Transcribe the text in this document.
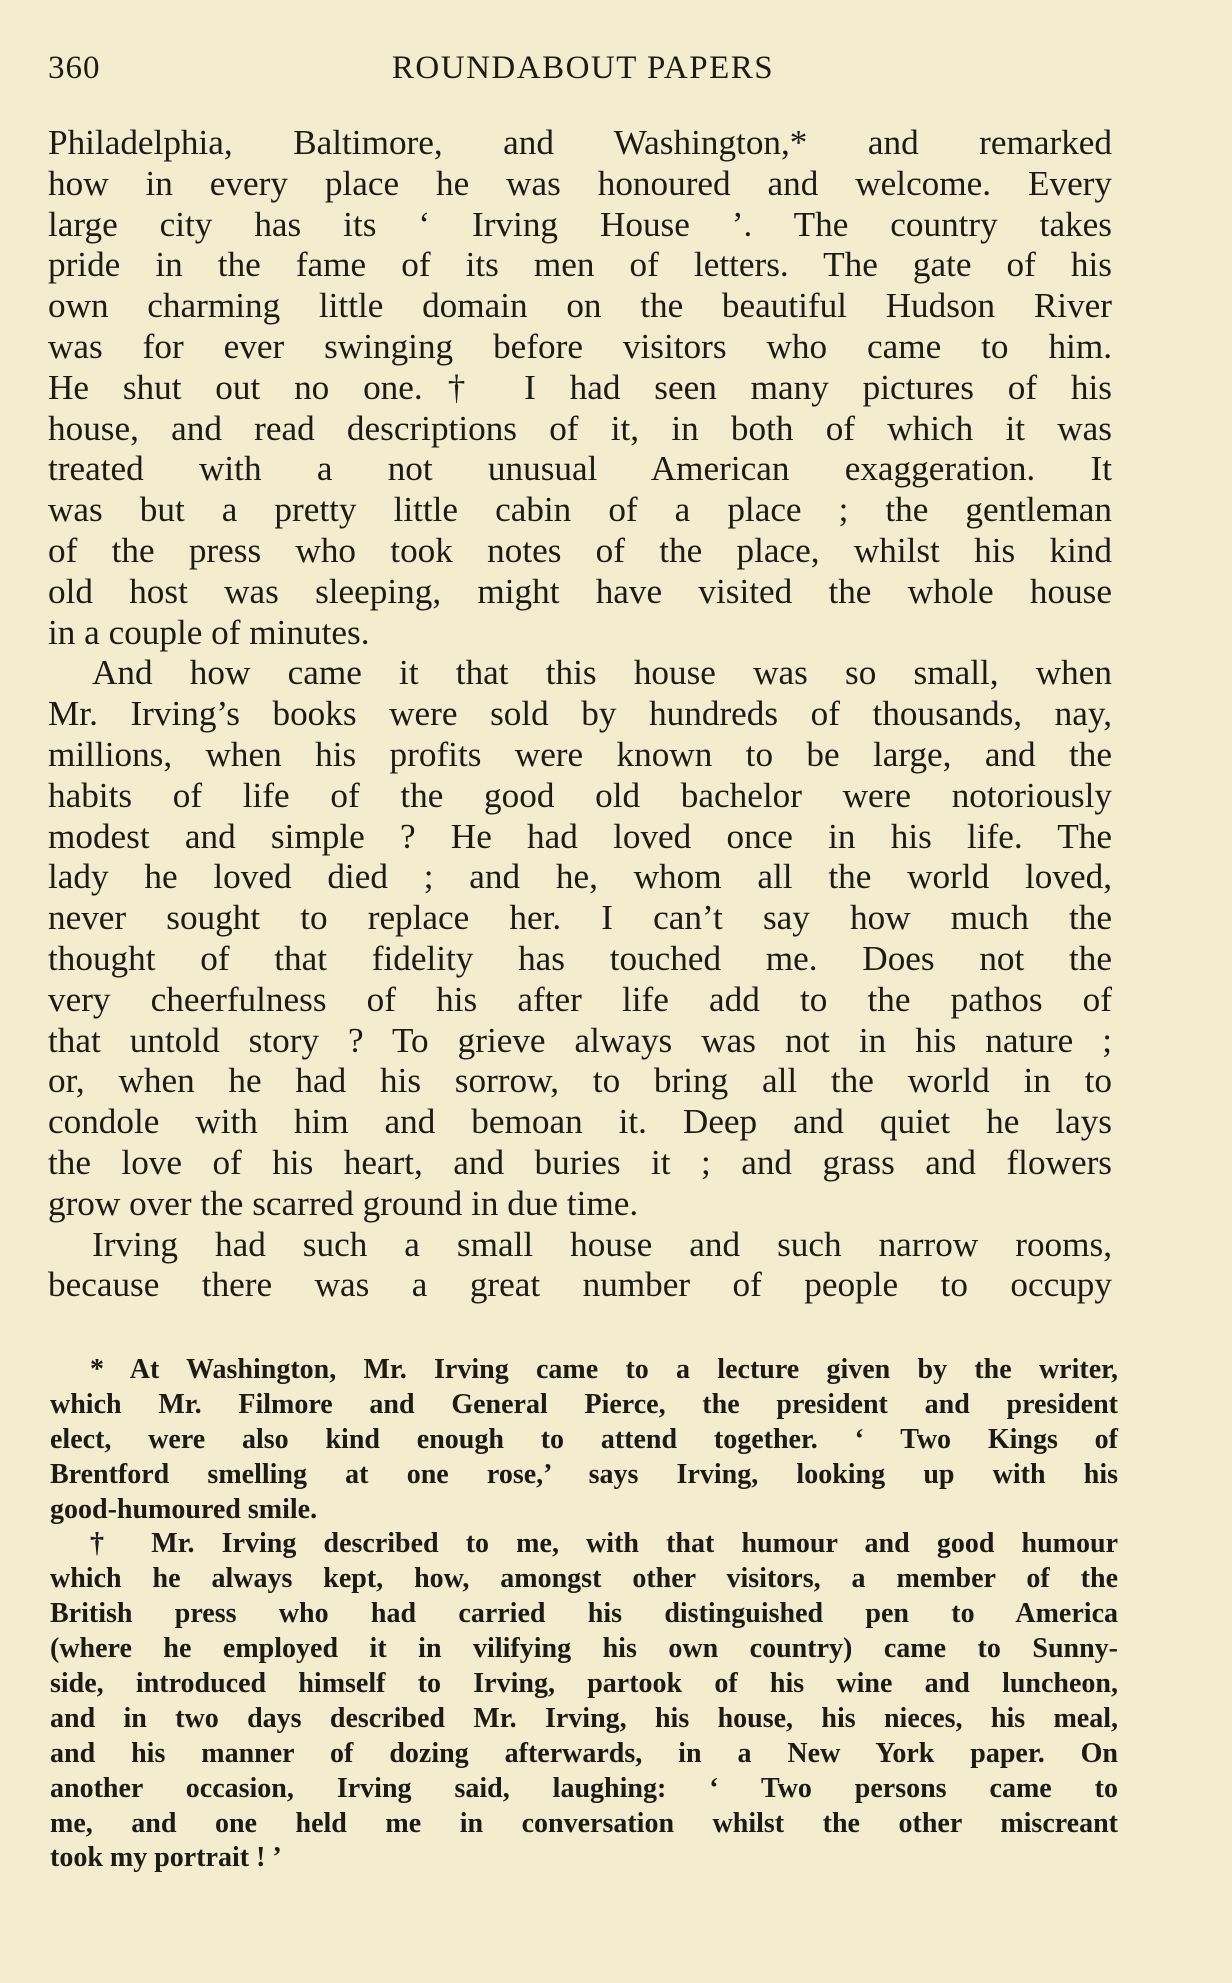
360	ROUNDABOUT PAPERS
Philadelphia, Baltimore, and Washington,* and remarked
how in every place he was honoured and welcome. Every
large city has its ‘ Irving House ’. The country takes
pride in the fame of its men of letters. The gate of his
own charming little domain on the beautiful Hudson River
was for ever swinging before visitors who came to him.
He shut out no one.† I had seen many pictures of his
house, and read descriptions of it, in both of which it was
treated with a not unusual American exaggeration. It
was but a pretty little cabin of a place ; the gentleman
of the press who took notes of the place, whilst his kind
old host was sleeping, might have visited the whole house
in a couple of minutes.
And how came it that this house was so small, when
Mr. Irving’s books were sold by hundreds of thousands, nay,
millions, when his profits were known to be large, and the
habits of life of the good old bachelor were notoriously
modest and simple ? He had loved once in his life. The
lady he loved died ; and he, whom all the world loved,
never sought to replace her. I can’t say how much the
thought of that fidelity has touched me. Does not the
very cheerfulness of his after life add to the pathos of
that untold story ? To grieve always was not in his nature ;
or, when he had his sorrow, to bring all the world in to
condole with him and bemoan it. Deep and quiet he lays
the love of his heart, and buries it ; and grass and flowers
grow over the scarred ground in due time.
Irving had such a small house and such narrow rooms,
because there was a great number of people to occupy
* At Washington, Mr. Irving came to a lecture given by the writer,
which Mr. Filmore and General Pierce, the president and president
elect, were also kind enough to attend together. ‘ Two Kings of
Brentford smelling at one rose,’ says Irving, looking up with his
good-humoured smile.
† Mr. Irving described to me, with that humour and good humour
which he always kept, how, amongst other visitors, a member of the
British press who had carried his distinguished pen to America
(where he employed it in vilifying his own country) came to Sunny-
side, introduced himself to Irving, partook of his wine and luncheon,
and in two days described Mr. Irving, his house, his nieces, his meal,
and his manner of dozing afterwards, in a New York paper. On
another occasion, Irving said, laughing: ‘ Two persons came to
me, and one held me in conversation whilst the other miscreant
took my portrait ! ’
